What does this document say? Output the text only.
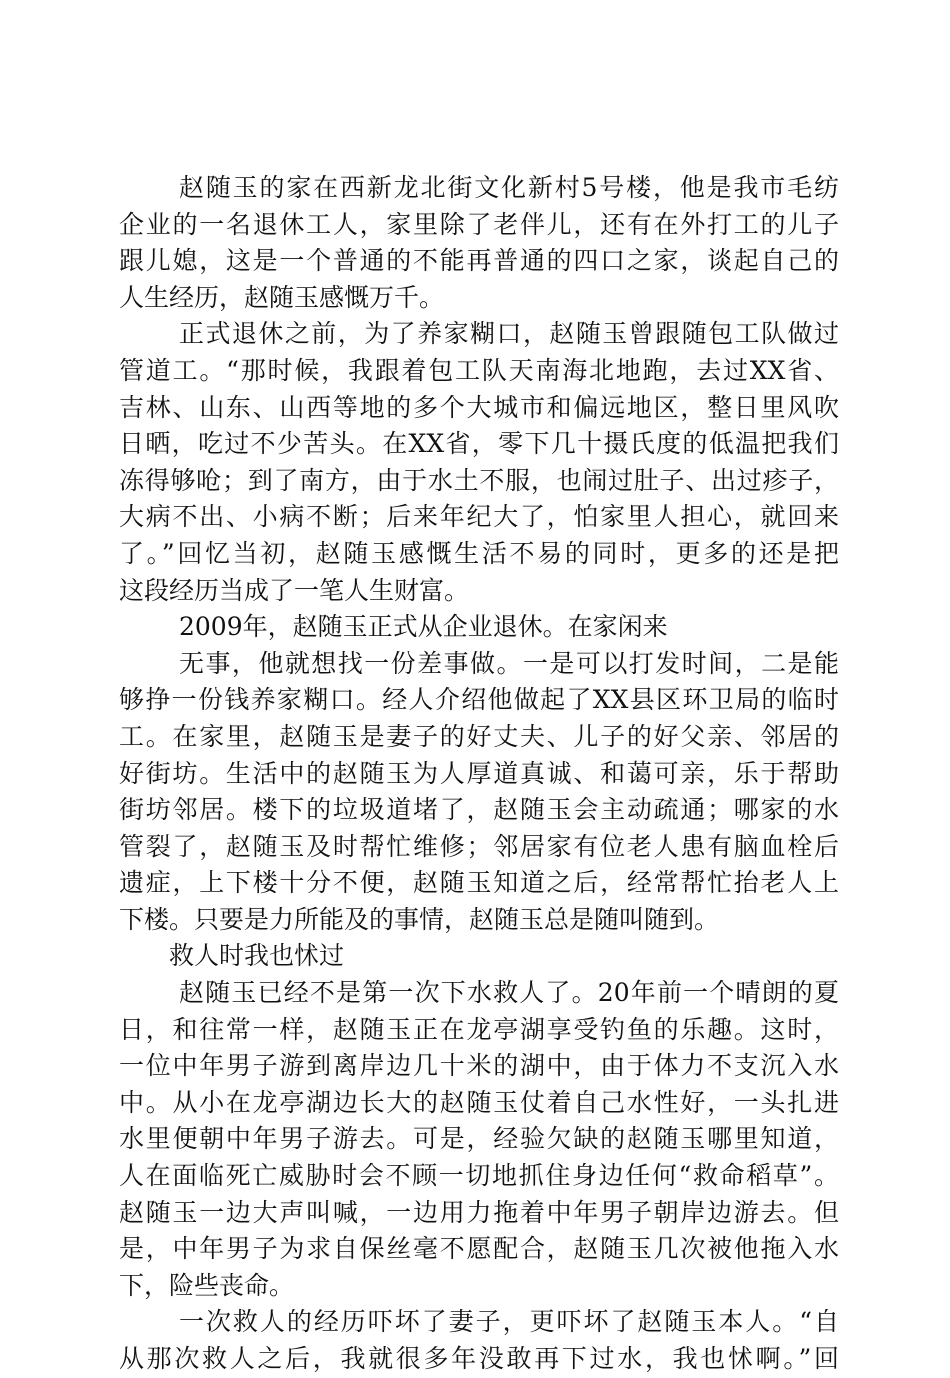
赵随玉的家在西新龙北街文化新村5号楼，他是我市毛纺
企业的一名退休工人，家里除了老伴儿，还有在外打工的儿子
跟儿媳，这是一个普通的不能再普通的四口之家，谈起自己的
人生经历，赵随玉感慨万千。
正式退休之前，为了养家糊口，赵随玉曾跟随包工队做过
管道工。“那时候，我跟着包工队天南海北地跑，去过XX省、
吉林、山东、山西等地的多个大城市和偏远地区，整日里风吹
日晒，吃过不少苦头。在XX省，零下几十摄氏度的低温把我们
冻得够呛；到了南方，由于水土不服，也闹过肚子、出过疹子，
大病不出、小病不断；后来年纪大了，怕家里人担心，就回来
了。”回忆当初，赵随玉感慨生活不易的同时，更多的还是把
这段经历当成了一笔人生财富。
2009年，赵随玉正式从企业退休。在家闲来
无事，他就想找一份差事做。一是可以打发时间，二是能
够挣一份钱养家糊口。经人介绍他做起了XX县区环卫局的临时
工。在家里，赵随玉是妻子的好丈夫、儿子的好父亲、邻居的
好街坊。生活中的赵随玉为人厚道真诚、和蔼可亲，乐于帮助
街坊邻居。楼下的垃圾道堵了，赵随玉会主动疏通；哪家的水
管裂了，赵随玉及时帮忙维修；邻居家有位老人患有脑血栓后
遗症，上下楼十分不便，赵随玉知道之后，经常帮忙抬老人上
下楼。只要是力所能及的事情，赵随玉总是随叫随到。
救人时我也怵过
赵随玉已经不是第一次下水救人了。20年前一个晴朗的夏
日，和往常一样，赵随玉正在龙亭湖享受钓鱼的乐趣。这时，
一位中年男子游到离岸边几十米的湖中，由于体力不支沉入水
中。从小在龙亭湖边长大的赵随玉仗着自己水性好，一头扎进
水里便朝中年男子游去。可是，经验欠缺的赵随玉哪里知道，
人在面临死亡威胁时会不顾一切地抓住身边任何“救命稻草”。
赵随玉一边大声叫喊，一边用力拖着中年男子朝岸边游去。但
是，中年男子为求自保丝毫不愿配合，赵随玉几次被他拖入水
下，险些丧命。
一次救人的经历吓坏了妻子，更吓坏了赵随玉本人。“自
从那次救人之后，我就很多年没敢再下过水，我也怵啊。”回
